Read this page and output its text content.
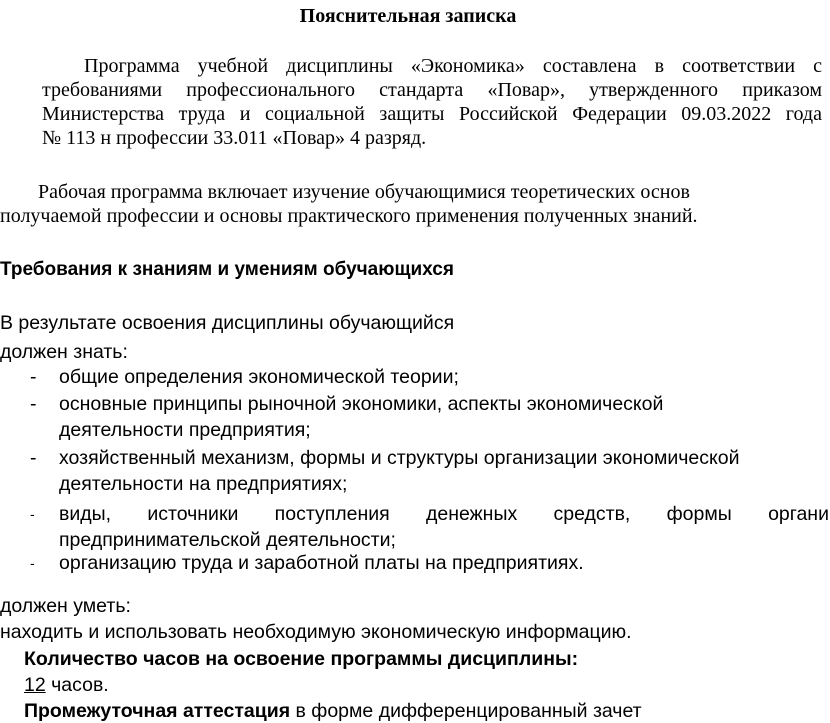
Пояснительная записка
Программа учебной дисциплины «Экономика» составлена в соответствии с
требованиями профессионального стандарта «Повар», утвержденного приказом
Министерства труда и социальной защиты Российской Федерации 09.03.2022 года
№ 113 н профессии 33.011 «Повар» 4 разряд.
Рабочая программа включает изучение обучающимися теоретических основ
получаемой профессии и основы практического применения полученных знаний.
Требования к знаниям и умениям обучающихся
В результате освоения дисциплины обучающийся
должен знать:
- общие определения экономической теории;
- основные принципы рыночной экономики, аспекты экономической
деятельности предприятия;
- хозяйственный механизм, формы и структуры организации экономической
деятельности на предприятиях;
- виды, источники поступления денежных средств, формы органи
предпринимательской деятельности;
- организацию труда и заработной платы на предприятиях.
должен уметь:
находить и использовать необходимую экономическую информацию.
Количество часов на освоение программы дисциплины:
12 часов.
Промежуточная аттестация в форме дифференцированный зачет
